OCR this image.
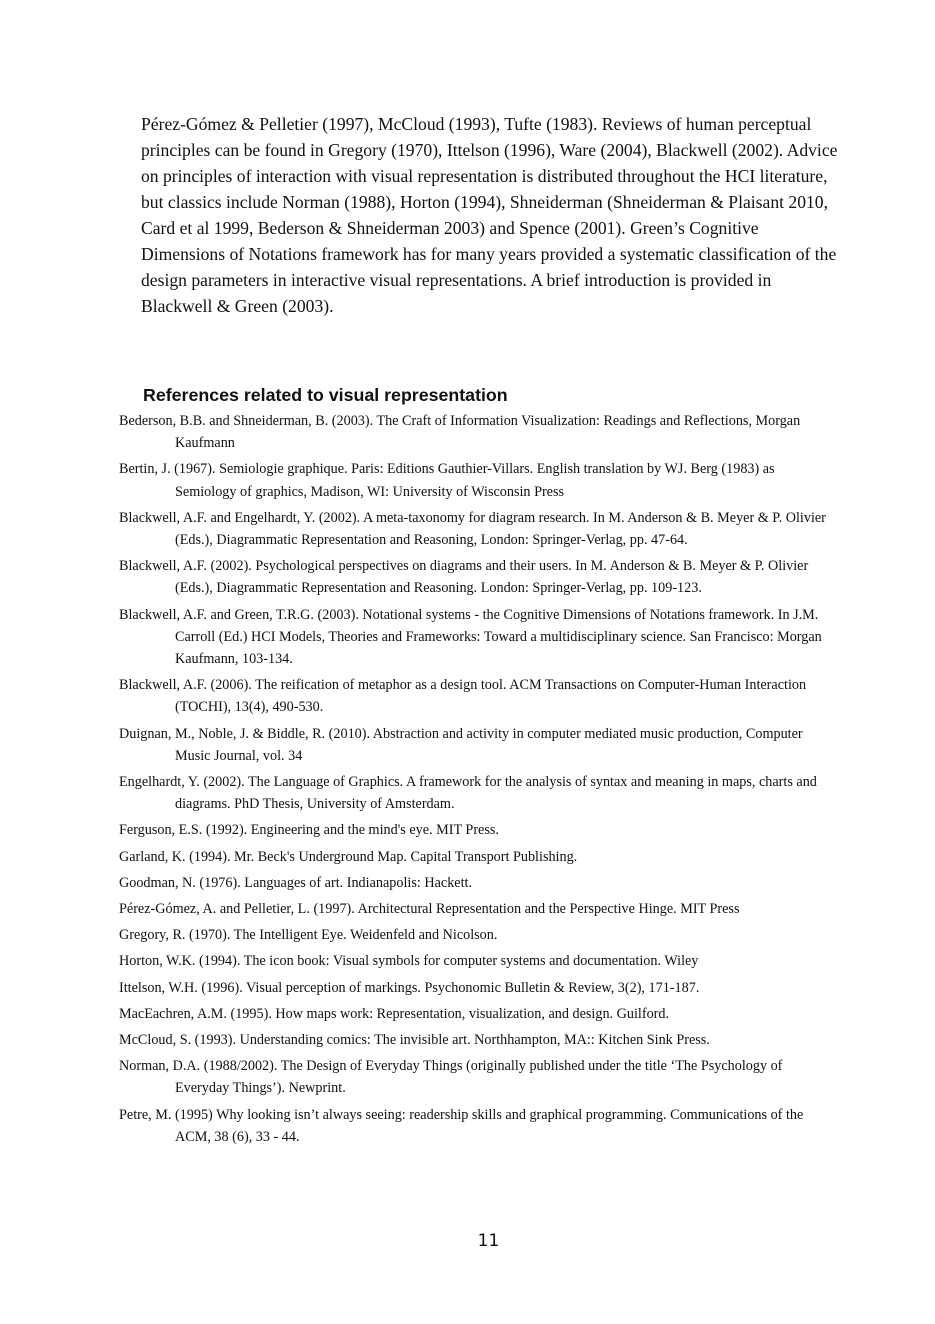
Pérez-Gómez & Pelletier (1997), McCloud (1993), Tufte (1983). Reviews of human perceptual principles can be found in Gregory (1970), Ittelson (1996), Ware (2004), Blackwell (2002). Advice on principles of interaction with visual representation is distributed throughout the HCI literature, but classics include Norman (1988), Horton (1994), Shneiderman (Shneiderman & Plaisant 2010, Card et al 1999, Bederson & Shneiderman 2003) and Spence (2001). Green’s Cognitive Dimensions of Notations framework has for many years provided a systematic classification of the design parameters in interactive visual representations. A brief introduction is provided in Blackwell & Green (2003).

References related to visual representation
Bederson, B.B. and Shneiderman, B. (2003). The Craft of Information Visualization: Readings and Reflections, Morgan Kaufmann
Bertin, J. (1967). Semiologie graphique. Paris: Editions Gauthier-Villars. English translation by WJ. Berg (1983) as Semiology of graphics, Madison, WI: University of Wisconsin Press
Blackwell, A.F. and Engelhardt, Y. (2002). A meta-taxonomy for diagram research. In M. Anderson & B. Meyer & P. Olivier (Eds.), Diagrammatic Representation and Reasoning, London: Springer-Verlag, pp. 47-64.
Blackwell, A.F. (2002). Psychological perspectives on diagrams and their users. In M. Anderson & B. Meyer & P. Olivier (Eds.), Diagrammatic Representation and Reasoning. London: Springer-Verlag, pp. 109-123.
Blackwell, A.F. and Green, T.R.G. (2003). Notational systems - the Cognitive Dimensions of Notations framework. In J.M. Carroll (Ed.) HCI Models, Theories and Frameworks: Toward a multidisciplinary science. San Francisco: Morgan Kaufmann, 103-134.
Blackwell, A.F. (2006). The reification of metaphor as a design tool. ACM Transactions on Computer-Human Interaction (TOCHI), 13(4), 490-530.
Duignan, M., Noble, J. & Biddle, R. (2010). Abstraction and activity in computer mediated music production, Computer Music Journal, vol. 34
Engelhardt, Y. (2002). The Language of Graphics. A framework for the analysis of syntax and meaning in maps, charts and diagrams. PhD Thesis, University of Amsterdam.
Ferguson, E.S. (1992). Engineering and the mind's eye. MIT Press.
Garland, K. (1994). Mr. Beck's Underground Map. Capital Transport Publishing.
Goodman, N. (1976). Languages of art. Indianapolis: Hackett.
Pérez-Gómez, A. and Pelletier, L. (1997). Architectural Representation and the Perspective Hinge. MIT Press
Gregory, R. (1970). The Intelligent Eye. Weidenfeld and Nicolson.
Horton, W.K. (1994). The icon book: Visual symbols for computer systems and documentation. Wiley
Ittelson, W.H. (1996). Visual perception of markings. Psychonomic Bulletin & Review, 3(2), 171-187.
MacEachren, A.M. (1995). How maps work: Representation, visualization, and design. Guilford.
McCloud, S. (1993). Understanding comics: The invisible art. Northhampton, MA:: Kitchen Sink Press.
Norman, D.A. (1988/2002). The Design of Everyday Things (originally published under the title ‘The Psychology of Everyday Things’). Newprint.
Petre, M. (1995) Why looking isn’t always seeing: readership skills and graphical programming. Communications of the ACM, 38 (6), 33 - 44.
11
